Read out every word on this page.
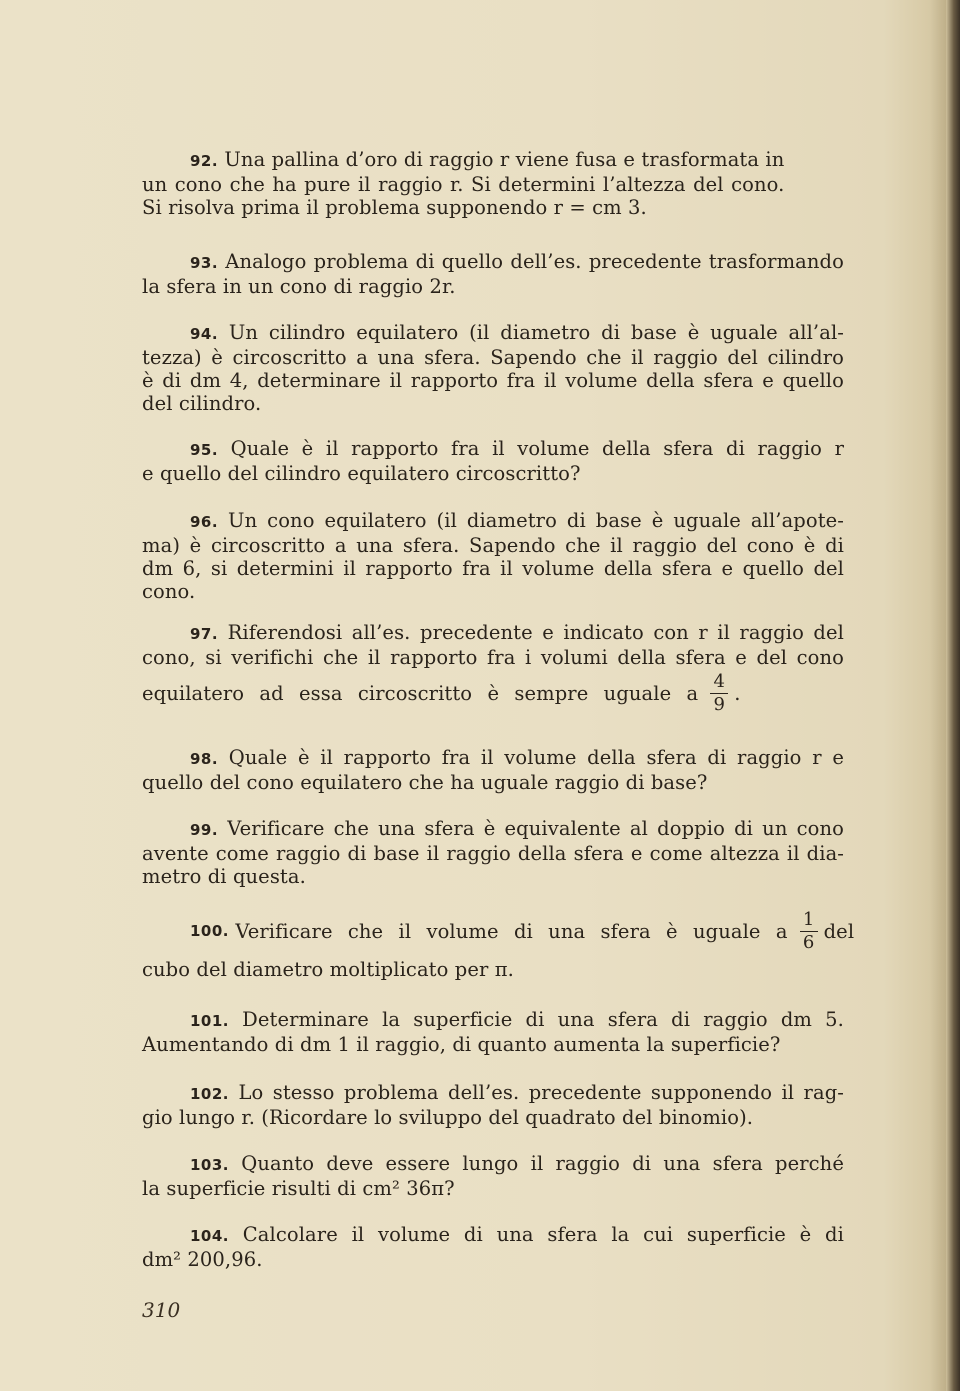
92. Una pallina d’oro di raggio r viene fusa e trasformata in
un cono che ha pure il raggio r. Si determini l’altezza del cono.
Si risolva prima il problema supponendo r = cm 3.

93. Analogo problema di quello dell’es. precedente trasformando
la sfera in un cono di raggio 2r.

94. Un cilindro equilatero (il diametro di base è uguale all’al-
tezza) è circoscritto a una sfera. Sapendo che il raggio del cilindro
è di dm 4, determinare il rapporto fra il volume della sfera e quello
del cilindro.

95. Quale è il rapporto fra il volume della sfera di raggio r
e quello del cilindro equilatero circoscritto?

96. Un cono equilatero (il diametro di base è uguale all’apote-
ma) è circoscritto a una sfera. Sapendo che il raggio del cono è di
dm 6, si determini il rapporto fra il volume della sfera e quello del
cono.

97. Riferendosi all’es. precedente e indicato con r il raggio del
cono, si verifichi che il rapporto fra i volumi della sfera e del cono
equilatero ad essa circoscritto è sempre uguale a $\frac{4}{9}$ .

98. Quale è il rapporto fra il volume della sfera di raggio r e
quello del cono equilatero che ha uguale raggio di base?

99. Verificare che una sfera è equivalente al doppio di un cono
avente come raggio di base il raggio della sfera e come altezza il dia-
metro di questa.

100.
Verificare che il volume di una sfera è uguale a $\frac{1}{6}$ del
cubo del diametro moltiplicato per π.

101. Determinare la superficie di una sfera di raggio dm 5.
Aumentando di dm 1 il raggio, di quanto aumenta la superficie?

102. Lo stesso problema dell’es. precedente supponendo il rag-
gio lungo r. (Ricordare lo sviluppo del quadrato del binomio).

103. Quanto deve essere lungo il raggio di una sfera perché
la superficie risulti di cm² 36π?

104. Calcolare il volume di una sfera la cui superficie è di
dm² 200,96.

310
